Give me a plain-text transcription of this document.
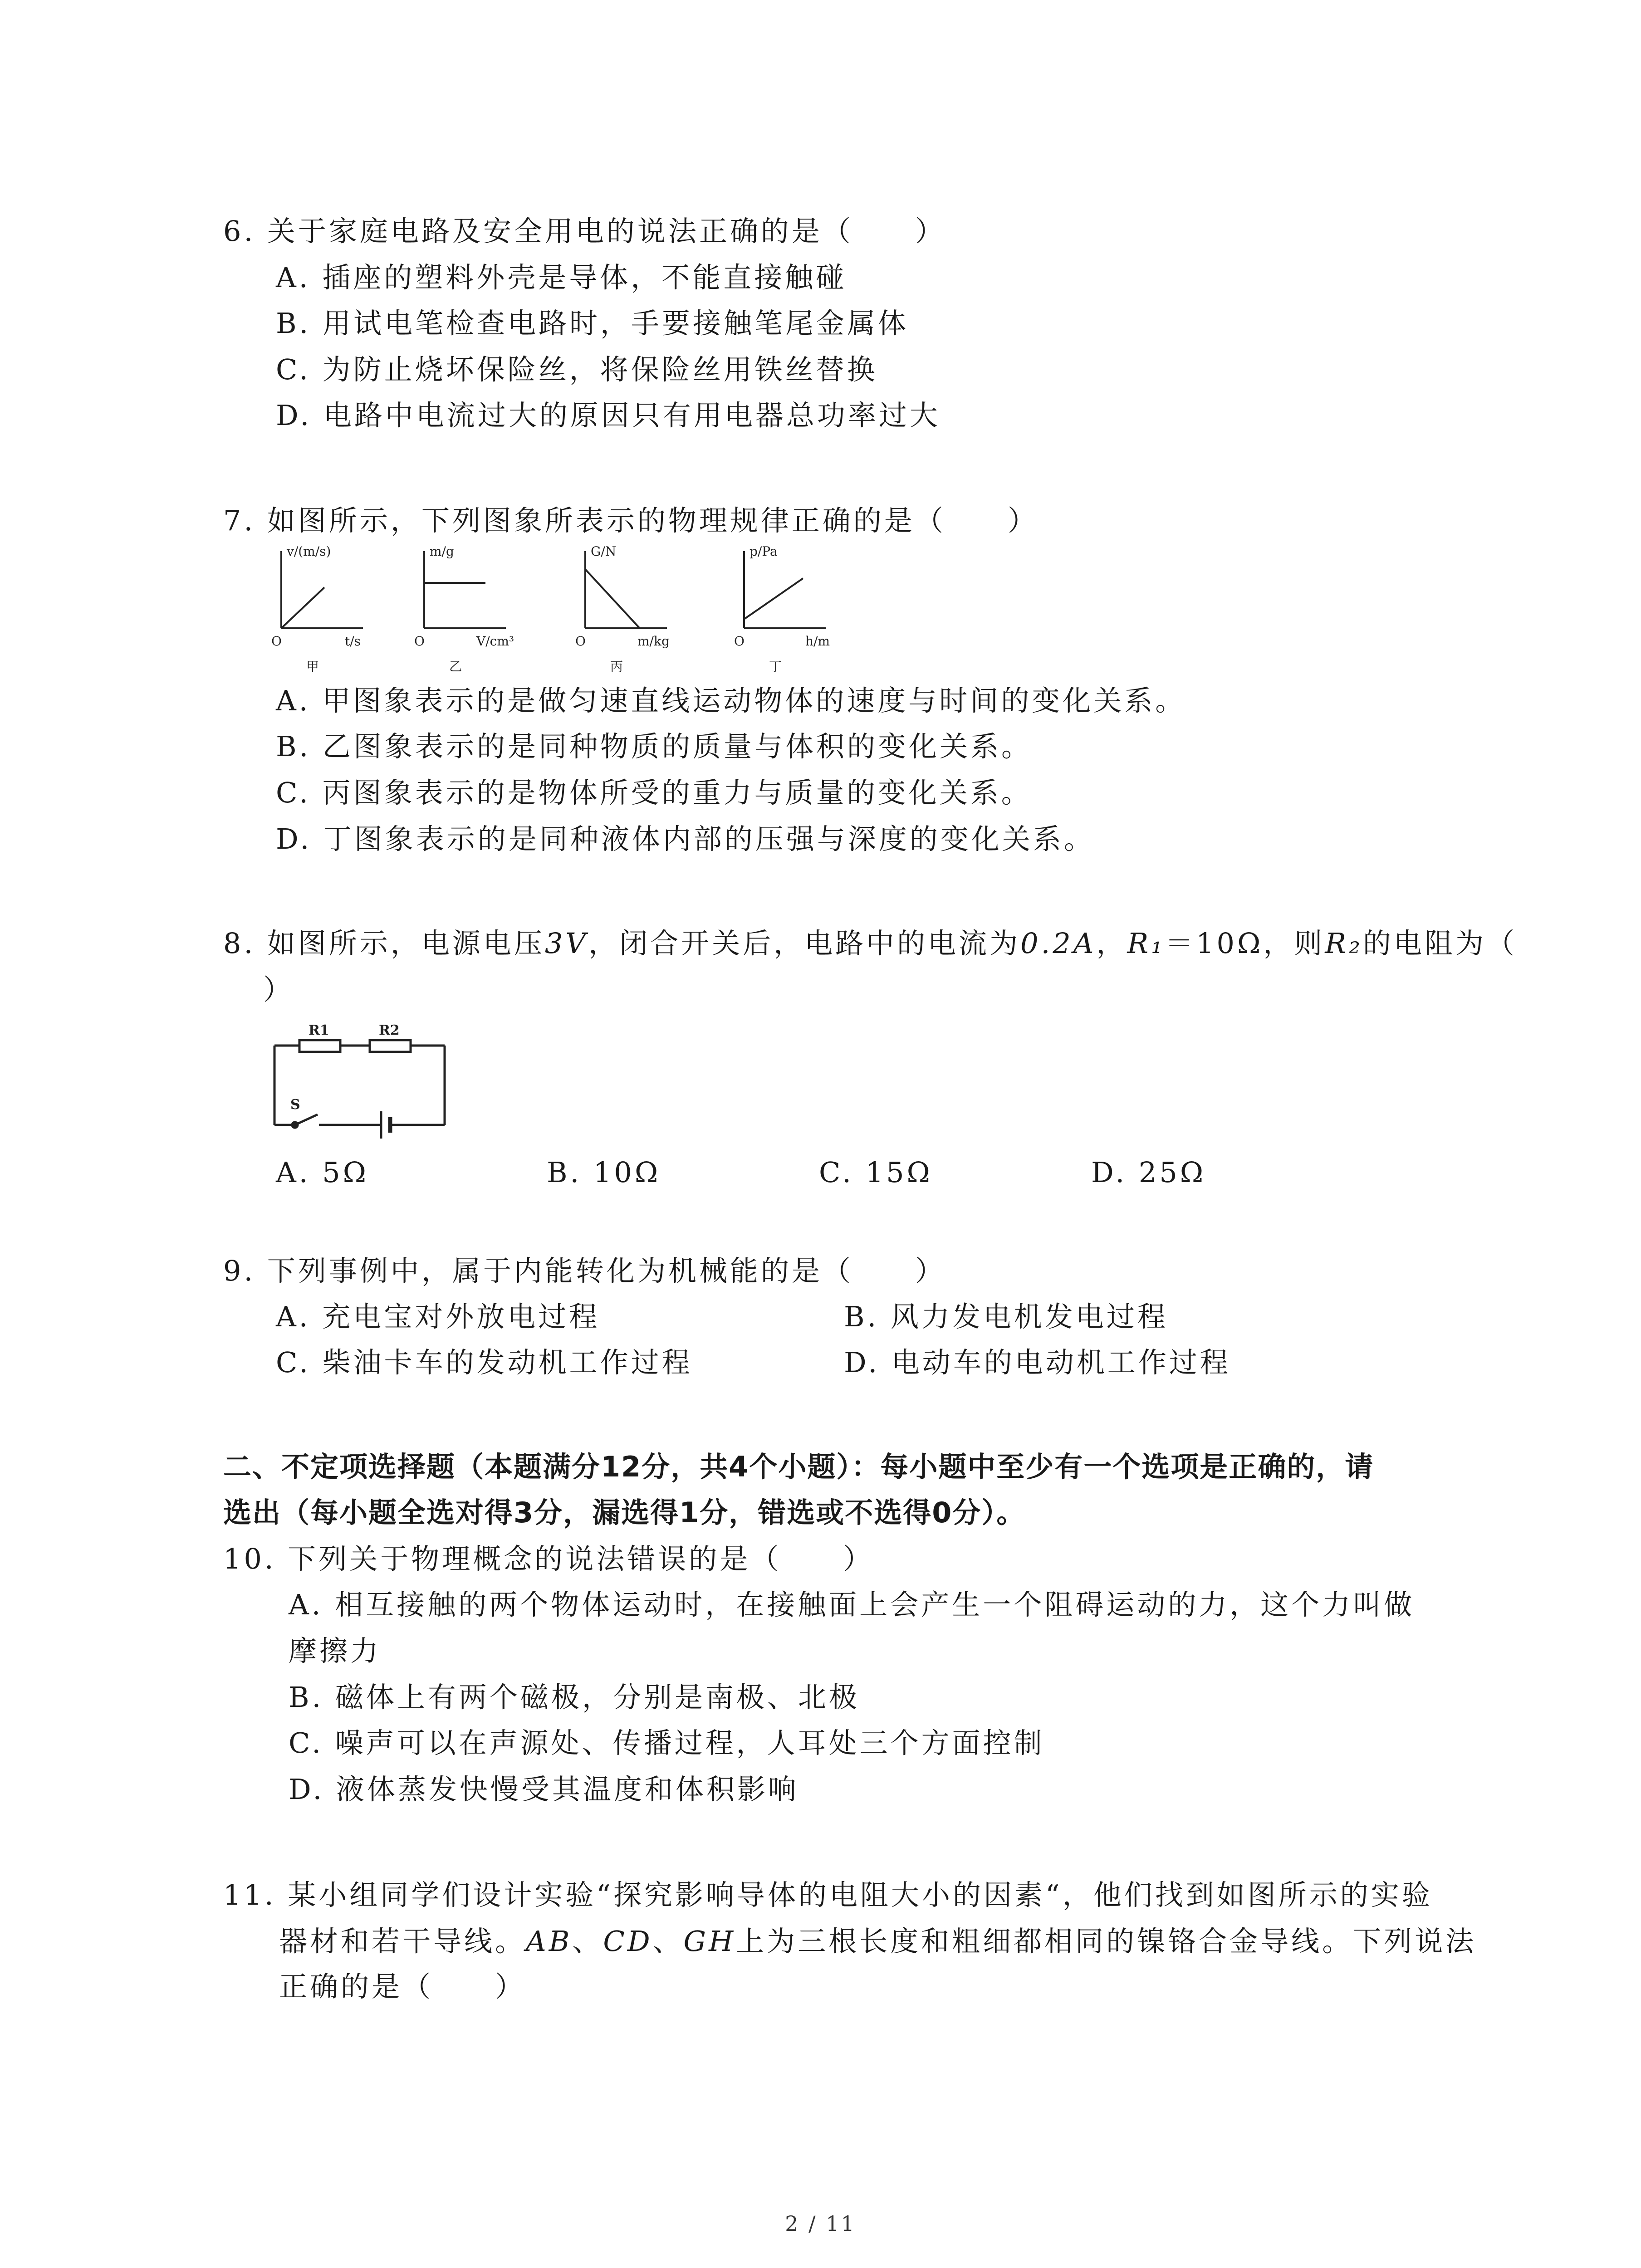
6. 关于家庭电路及安全用电的说法正确的是（　　）
A. 插座的塑料外壳是导体，不能直接触碰
B. 用试电笔检查电路时，手要接触笔尾金属体
C. 为防止烧坏保险丝，将保险丝用铁丝替换
D. 电路中电流过大的原因只有用电器总功率过大
7. 如图所示，下列图象所表示的物理规律正确的是（　　）
v/(m/s)
t/s
O
甲
m/g
V/cm³
O
乙
G/N
m/kg
O
丙
p/Pa
h/m
O
丁
A. 甲图象表示的是做匀速直线运动物体的速度与时间的变化关系。
B. 乙图象表示的是同种物质的质量与体积的变化关系。
C. 丙图象表示的是物体所受的重力与质量的变化关系。
D. 丁图象表示的是同种液体内部的压强与深度的变化关系。
8. 如图所示，电源电压3V，闭合开关后，电路中的电流为0.2A，R₁＝10Ω，则R₂的电阻为（
）
R1	R2
S
A. 5Ω	B. 10Ω	C. 15Ω	D. 25Ω
9. 下列事例中，属于内能转化为机械能的是（　　）
A. 充电宝对外放电过程	B. 风力发电机发电过程
C. 柴油卡车的发动机工作过程	D. 电动车的电动机工作过程
二、不定项选择题（本题满分12分，共4个小题）：每小题中至少有一个选项是正确的，请
选出（每小题全选对得3分，漏选得1分，错选或不选得0分）。
10. 下列关于物理概念的说法错误的是（　　）
A. 相互接触的两个物体运动时，在接触面上会产生一个阻碍运动的力，这个力叫做
摩擦力
B. 磁体上有两个磁极，分别是南极、北极
C. 噪声可以在声源处、传播过程，人耳处三个方面控制
D. 液体蒸发快慢受其温度和体积影响
11. 某小组同学们设计实验“探究影响导体的电阻大小的因素“，他们找到如图所示的实验
器材和若干导线。AB、CD、GH上为三根长度和粗细都相同的镍铬合金导线。下列说法
正确的是（　　）
2 / 11
